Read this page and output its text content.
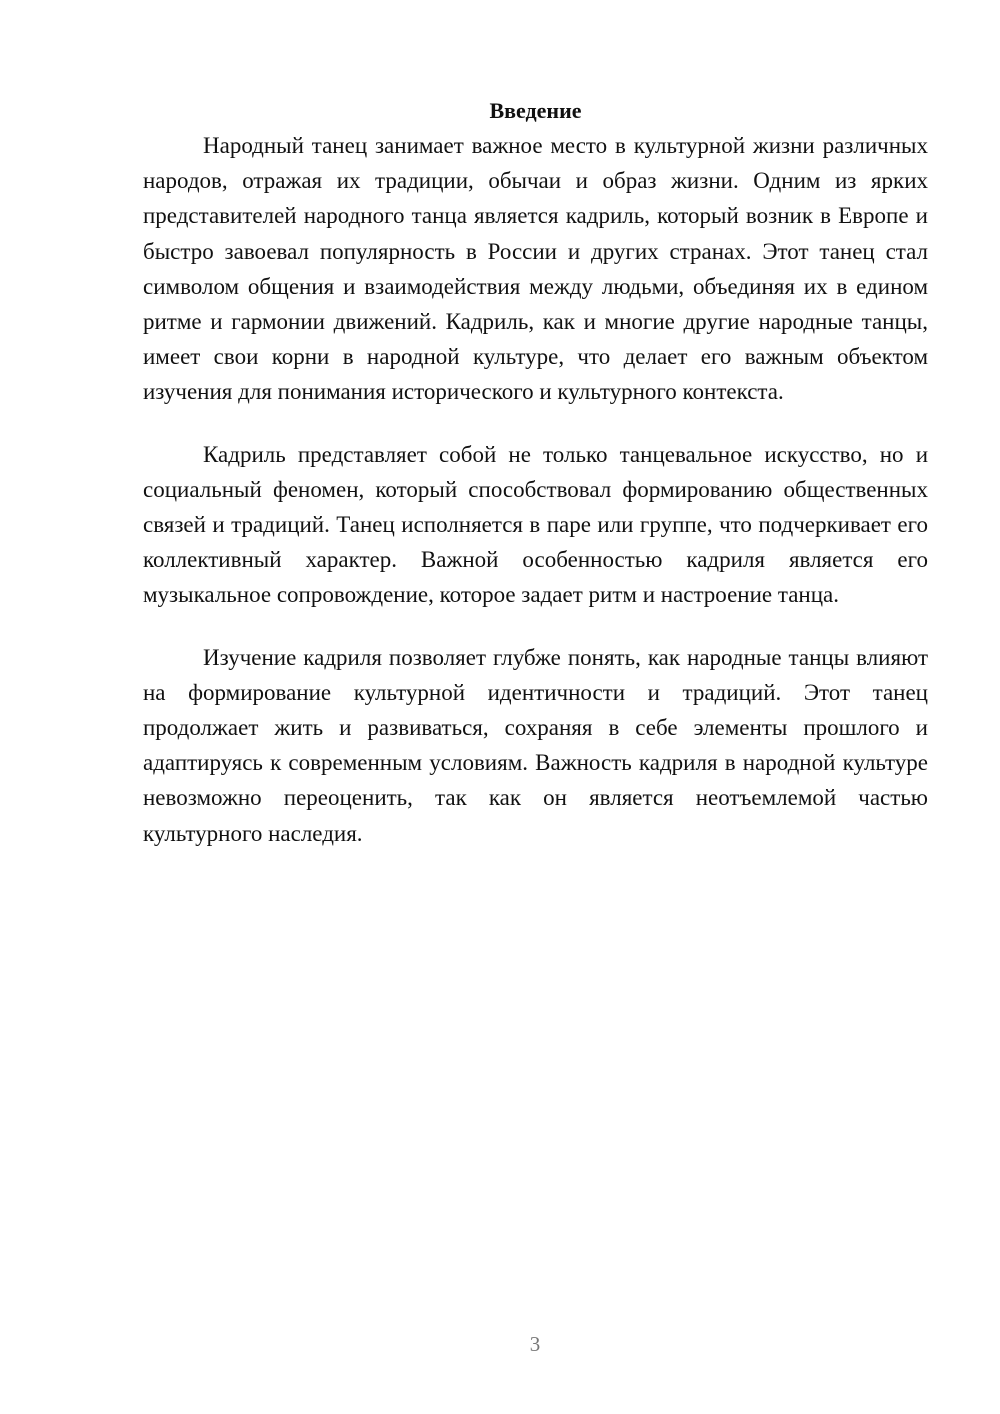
Введение

Народный танец занимает важное место в культурной жизни различных народов, отражая их традиции, обычаи и образ жизни. Одним из ярких представителей народного танца является кадриль, который возник в Европе и быстро завоевал популярность в России и других странах. Этот танец стал символом общения и взаимодействия между людьми, объединяя их в едином ритме и гармонии движений. Кадриль, как и многие другие народные танцы, имеет свои корни в народной культуре, что делает его важным объектом изучения для понимания исторического и культурного контекста.

Кадриль представляет собой не только танцевальное искусство, но и социальный феномен, который способствовал формированию общественных связей и традиций. Танец исполняется в паре или группе, что подчеркивает его коллективный характер. Важной особенностью кадриля является его музыкальное сопровождение, которое задает ритм и настроение танца.

Изучение кадриля позволяет глубже понять, как народные танцы влияют на формирование культурной идентичности и традиций. Этот танец продолжает жить и развиваться, сохраняя в себе элементы прошлого и адаптируясь к современным условиям. Важность кадриля в народной культуре невозможно переоценить, так как он является неотъемлемой частью культурного наследия.

3
